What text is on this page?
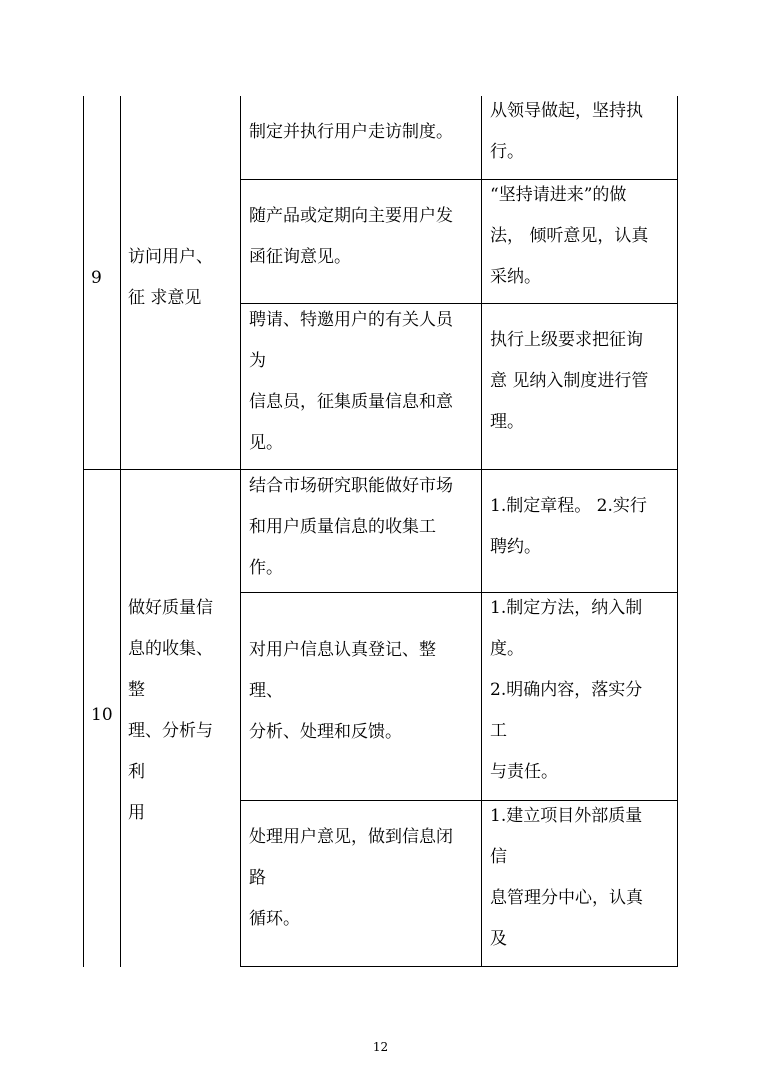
9
访问用户、
征 求意见
制定并执行用户走访制度。
从领导做起，坚持执
行。
随产品或定期向主要用户发
函征询意见。
“坚持请进来”的做
法， 倾听意见，认真
采纳。
聘请、特邀用户的有关人员
为
信息员，征集质量信息和意
见。
执行上级要求把征询
意 见纳入制度进行管
理。
10
做好质量信
息的收集、
整
理、分析与
利
用
结合市场研究职能做好市场
和用户质量信息的收集工
作。
1.制定章程。 2.实行
聘约。
对用户信息认真登记、整
理、
分析、处理和反馈。
1.制定方法，纳入制
度。
2.明确内容，落实分
工
与责任。
处理用户意见，做到信息闭
路
循环。
1.建立项目外部质量
信
息管理分中心，认真
及
12
